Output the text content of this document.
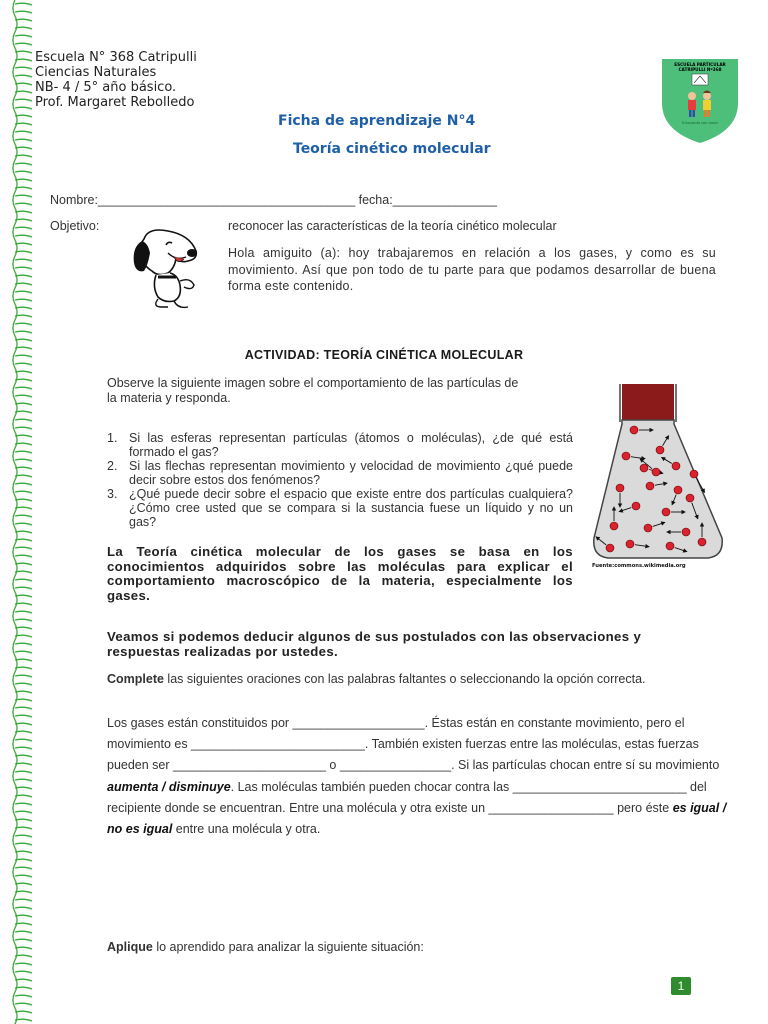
Escuela N° 368 Catripulli
Ciencias Naturales
NB- 4 / 5° año básico.
Prof. Margaret Rebolledo
ESCUELA PARTICULAR
CATRIPULLI Nº368
Educando con amor
Ficha de aprendizaje N°4
Teoría cinético molecular
Nombre:_____________________________________ fecha:_______________
Objetivo:	reconocer las características de la teoría cinético molecular
Hola amiguito (a): hoy trabajaremos en relación a los gases, y como es su movimiento. Así que pon todo de tu parte para que podamos desarrollar de buena forma este contenido.
ACTIVIDAD: TEORÍA CINÉTICA MOLECULAR
Observe la siguiente imagen sobre el comportamiento de las partículas de la materia y responda.
1. Si las esferas representan partículas (átomos o moléculas), ¿de qué está formado el gas?
2. Si las flechas representan movimiento y velocidad de movimiento ¿qué puede decir sobre estos dos fenómenos?
3. ¿Qué puede decir sobre el espacio que existe entre dos partículas cualquiera? ¿Cómo cree usted que se compara si la sustancia fuese un líquido y no un gas?
Fuente:commons.wikimedia.org
La Teoría cinética molecular de los gases se basa en los conocimientos adquiridos sobre las moléculas para explicar el comportamiento macroscópico de la materia, especialmente los gases.
Veamos si podemos deducir algunos de sus postulados con las observaciones y respuestas realizadas por ustedes.
Complete las siguientes oraciones con las palabras faltantes o seleccionando la opción correcta.
Los gases están constituidos por ___________________. Éstas están en constante movimiento, pero el movimiento es _________________________. También existen fuerzas entre las moléculas, estas fuerzas pueden ser ______________________ o ________________. Si las partículas chocan entre sí su movimiento aumenta / disminuye. Las moléculas también pueden chocar contra las _________________________ del recipiente donde se encuentran. Entre una molécula y otra existe un __________________ pero éste es igual / no es igual entre una molécula y otra.
Aplique lo aprendido para analizar la siguiente situación:
1
